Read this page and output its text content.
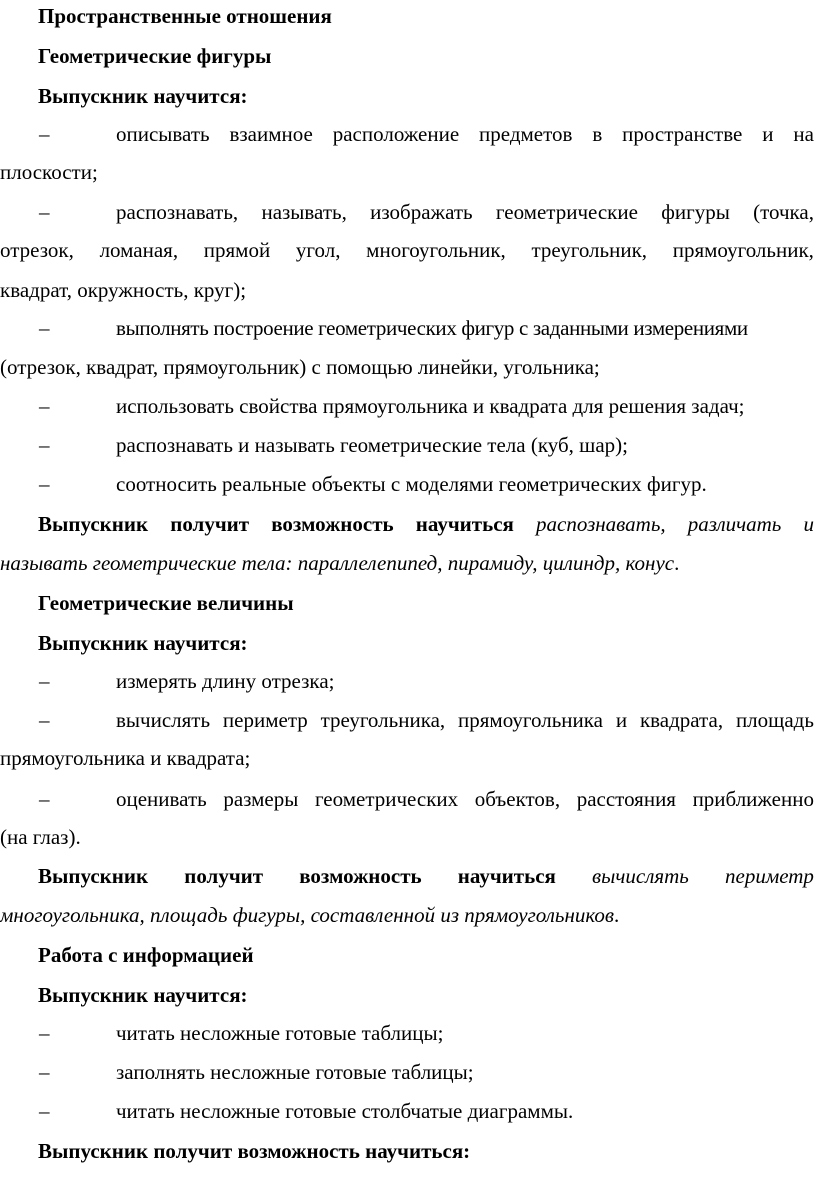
Пространственные отношения
Геометрические фигуры
Выпускник научится:
–	описывать взаимное расположение предметов в пространстве и на
плоскости;
–	распознавать, называть, изображать геометрические фигуры (точка,
отрезок, ломаная, прямой угол, многоугольник, треугольник, прямоугольник,
квадрат, окружность, круг);
–	выполнять построение геометрических фигур с заданными измерениями
(отрезок, квадрат, прямоугольник) с помощью линейки, угольника;
–	использовать свойства прямоугольника и квадрата для решения задач;
–	распознавать и называть геометрические тела (куб, шар);
–	соотносить реальные объекты с моделями геометрических фигур.
Выпускник получит возможность научиться распознавать, различать и
называть геометрические тела: параллелепипед, пирамиду, цилиндр, конус.
Геометрические величины
Выпускник научится:
–	измерять длину отрезка;
–	вычислять периметр треугольника, прямоугольника и квадрата, площадь
прямоугольника и квадрата;
–	оценивать размеры геометрических объектов, расстояния приближенно
(на глаз).
Выпускник получит возможность научиться вычислять периметр
многоугольника, площадь фигуры, составленной из прямоугольников.
Работа с информацией
Выпускник научится:
–	читать несложные готовые таблицы;
–	заполнять несложные готовые таблицы;
–	читать несложные готовые столбчатые диаграммы.
Выпускник получит возможность научиться:
